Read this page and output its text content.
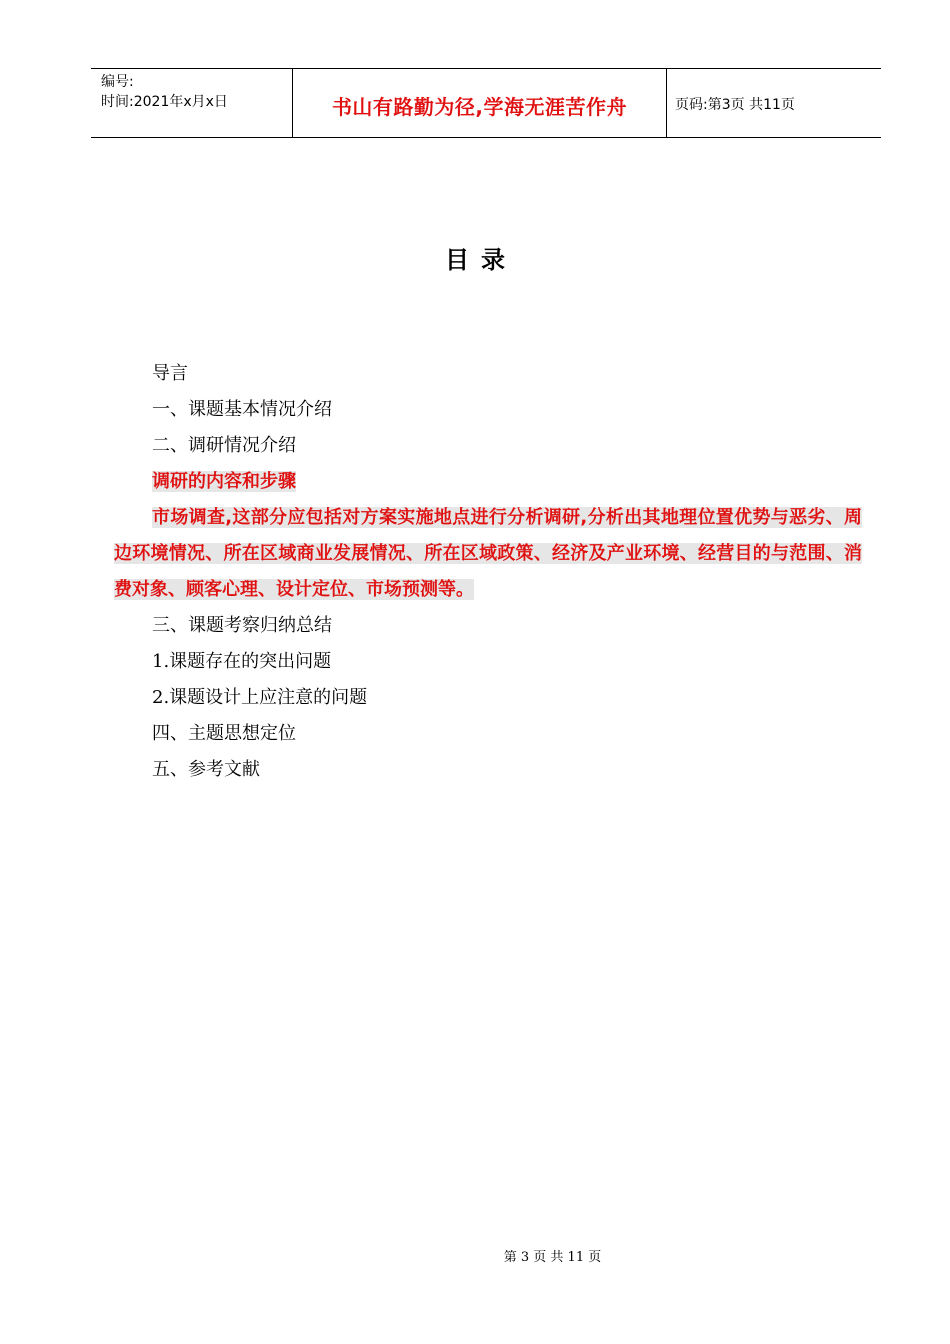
编号:
时间:2021年x月x日	书山有路勤为径,学海无涯苦作舟	页码:第3页 共11页
目录
导言
一、课题基本情况介绍
二、调研情况介绍
调研的内容和步骤
市场调查,这部分应包括对方案实施地点进行分析调研,分析出其地理位置优势与恶劣、周边环境情况、所在区域商业发展情况、所在区域政策、经济及产业环境、经营目的与范围、消费对象、顾客心理、设计定位、市场预测等。
三、课题考察归纳总结
1.课题存在的突出问题
2.课题设计上应注意的问题
四、主题思想定位
五、参考文献
第 3 页 共 11 页
